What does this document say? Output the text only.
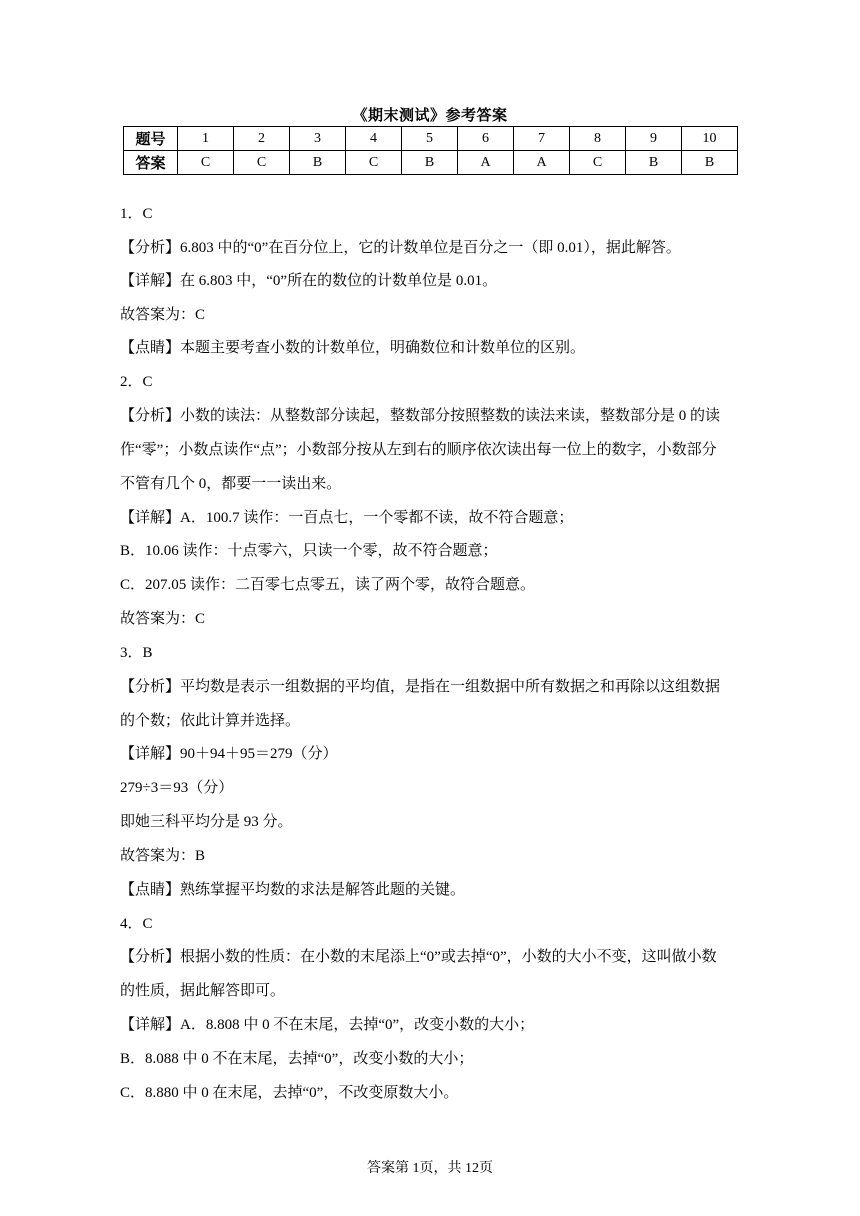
《期末测试》参考答案
题号	1	2	3	4	5	6	7	8	9	10
答案	C	C	B	C	B	A	A	C	B	B
1．C
【分析】6.803 中的“0”在百分位上，它的计数单位是百分之一（即 0.01），据此解答。
【详解】在 6.803 中，“0”所在的数位的计数单位是 0.01。
故答案为：C
【点睛】本题主要考查小数的计数单位，明确数位和计数单位的区别。
2．C
【分析】小数的读法：从整数部分读起，整数部分按照整数的读法来读，整数部分是 0 的读
作“零”；小数点读作“点”；小数部分按从左到右的顺序依次读出每一位上的数字，小数部分
不管有几个 0，都要一一读出来。
【详解】A．100.7 读作：一百点七，一个零都不读，故不符合题意；
B．10.06 读作：十点零六，只读一个零，故不符合题意；
C．207.05 读作：二百零七点零五，读了两个零，故符合题意。
故答案为：C
3．B
【分析】平均数是表示一组数据的平均值，是指在一组数据中所有数据之和再除以这组数据
的个数；依此计算并选择。
【详解】90＋94＋95＝279（分）
279÷3＝93（分）
即她三科平均分是 93 分。
故答案为：B
【点睛】熟练掌握平均数的求法是解答此题的关键。
4．C
【分析】根据小数的性质：在小数的末尾添上“0”或去掉“0”，小数的大小不变，这叫做小数
的性质，据此解答即可。
【详解】A．8.808 中 0 不在末尾，去掉“0”，改变小数的大小；
B．8.088 中 0 不在末尾，去掉“0”，改变小数的大小；
C．8.880 中 0 在末尾，去掉“0”，不改变原数大小。
答案第 1页，共 12页
